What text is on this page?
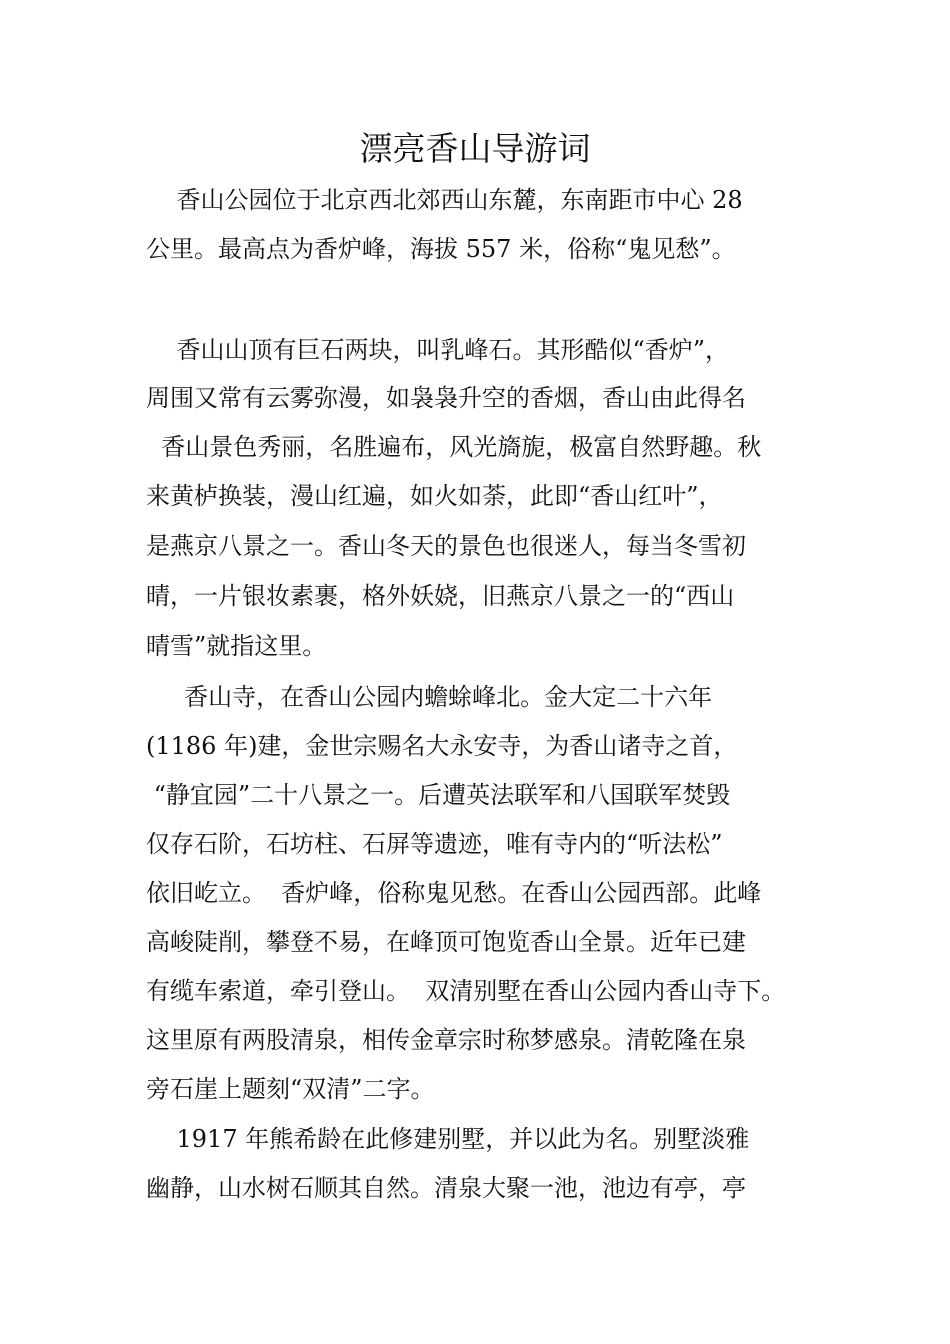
漂亮香山导游词
香山公园位于北京西北郊西山东麓，东南距市中心 28
公里。最高点为香炉峰，海拔 557 米，俗称“鬼见愁”。
香山山顶有巨石两块，叫乳峰石。其形酷似“香炉”，
周围又常有云雾弥漫，如袅袅升空的香烟，香山由此得名
香山景色秀丽，名胜遍布，风光旖旎，极富自然野趣。秋
来黄栌换装，漫山红遍，如火如荼，此即“香山红叶”，
是燕京八景之一。香山冬天的景色也很迷人，每当冬雪初
晴，一片银妆素裹，格外妖娆，旧燕京八景之一的“西山
晴雪”就指这里。
香山寺，在香山公园内蟾蜍峰北。金大定二十六年
(1186 年)建，金世宗赐名大永安寺，为香山诸寺之首，
“静宜园”二十八景之一。后遭英法联军和八国联军焚毁
仅存石阶，石坊柱、石屏等遗迹，唯有寺内的“听法松”
依旧屹立。  香炉峰，俗称鬼见愁。在香山公园西部。此峰
高峻陡削，攀登不易，在峰顶可饱览香山全景。近年已建
有缆车索道，牵引登山。  双清别墅在香山公园内香山寺下。
这里原有两股清泉，相传金章宗时称梦感泉。清乾隆在泉
旁石崖上题刻“双清”二字。
1917 年熊希龄在此修建别墅，并以此为名。别墅淡雅
幽静，山水树石顺其自然。清泉大聚一池，池边有亭，亭
